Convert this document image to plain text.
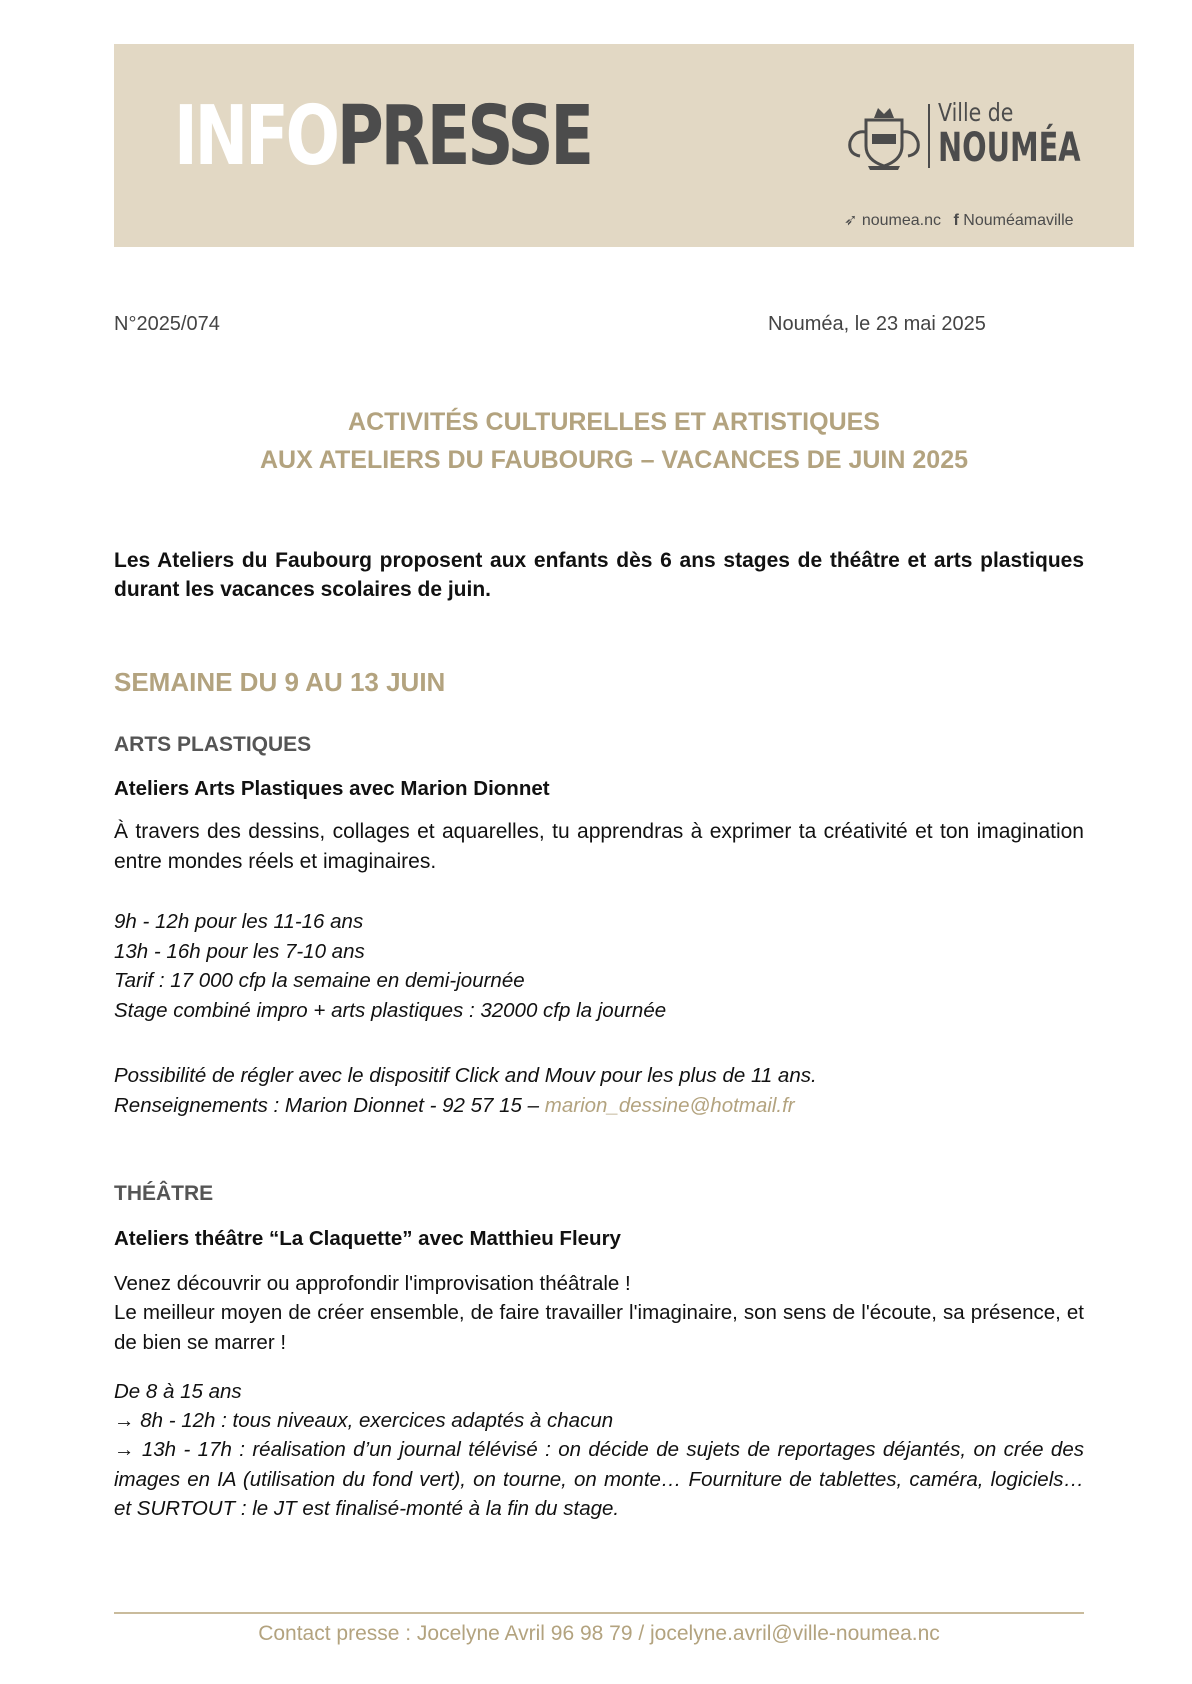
INFOPRESSE	Ville de
NOUMÉA
➶ noumea.nc f Nouméamaville
N°2025/074	Nouméa, le 23 mai 2025
ACTIVITÉS CULTURELLES ET ARTISTIQUES
AUX ATELIERS DU FAUBOURG – VACANCES DE JUIN 2025
Les Ateliers du Faubourg proposent aux enfants dès 6 ans stages de théâtre et arts plastiques durant les vacances scolaires de juin.
SEMAINE DU 9 AU 13 JUIN
ARTS PLASTIQUES
Ateliers Arts Plastiques avec Marion Dionnet
À travers des dessins, collages et aquarelles, tu apprendras à exprimer ta créativité et ton imagination entre mondes réels et imaginaires.
9h - 12h pour les 11-16 ans
13h - 16h pour les 7-10 ans
Tarif : 17 000 cfp la semaine en demi-journée
Stage combiné impro + arts plastiques : 32000 cfp la journée
Possibilité de régler avec le dispositif Click and Mouv pour les plus de 11 ans.
Renseignements : Marion Dionnet - 92 57 15 – marion_dessine@hotmail.fr
THÉÂTRE
Ateliers théâtre “La Claquette” avec Matthieu Fleury
Venez découvrir ou approfondir l'improvisation théâtrale !
Le meilleur moyen de créer ensemble, de faire travailler l'imaginaire, son sens de l'écoute, sa présence, et de bien se marrer !
De 8 à 15 ans
→ 8h - 12h : tous niveaux, exercices adaptés à chacun
→ 13h - 17h : réalisation d’un journal télévisé : on décide de sujets de reportages déjantés, on crée des images en IA (utilisation du fond vert), on tourne, on monte… Fourniture de tablettes, caméra, logiciels… et SURTOUT : le JT est finalisé-monté à la fin du stage.
Contact presse : Jocelyne Avril 96 98 79 / jocelyne.avril@ville-noumea.nc
